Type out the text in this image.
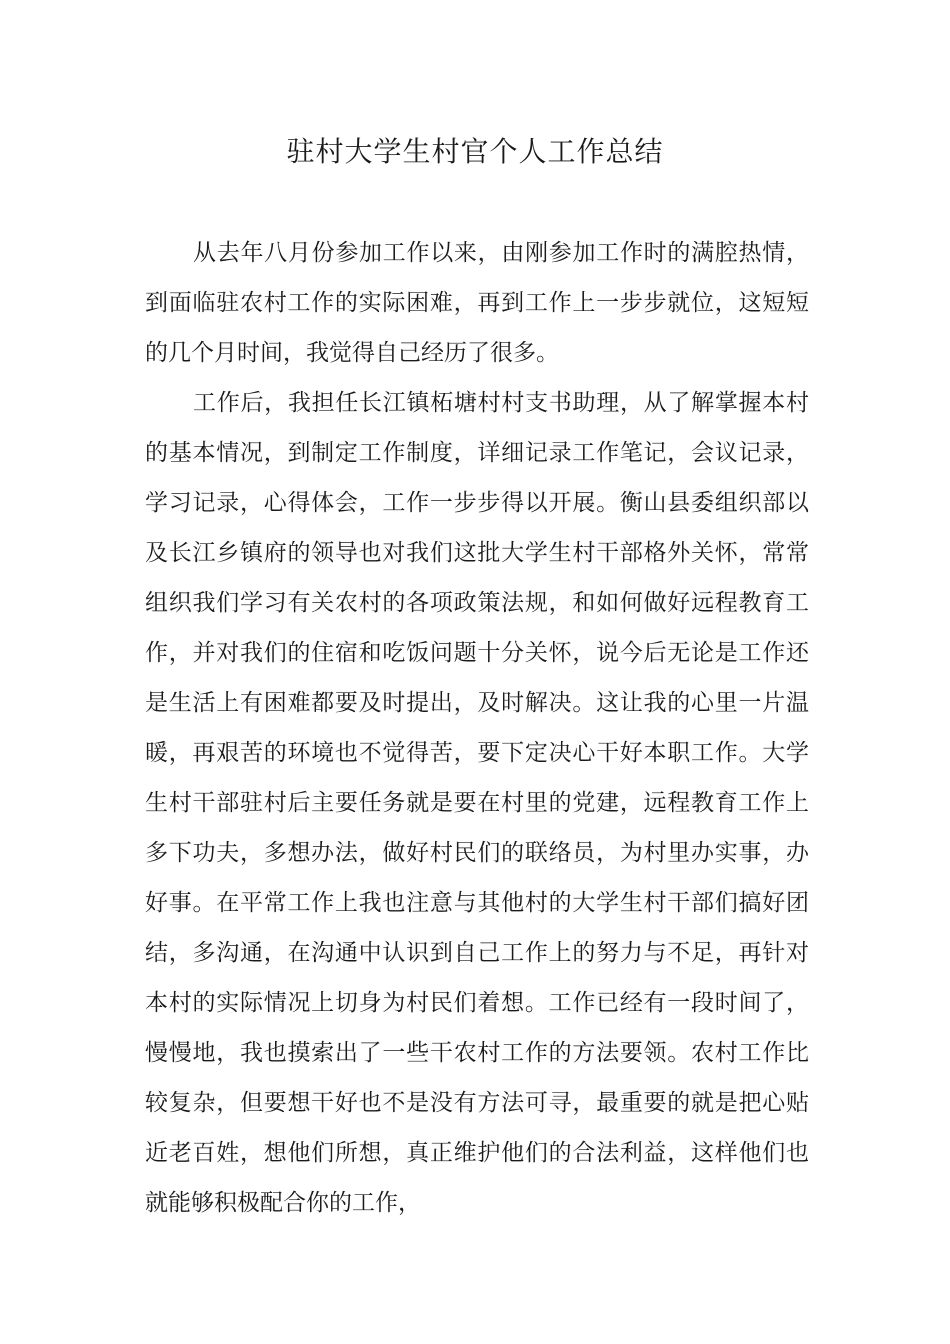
驻村大学生村官个人工作总结

从去年八月份参加工作以来，由刚参加工作时的满腔热情，到面临驻农村工作的实际困难，再到工作上一步步就位，这短短的几个月时间，我觉得自己经历了很多。

工作后，我担任长江镇柘塘村村支书助理，从了解掌握本村的基本情况，到制定工作制度，详细记录工作笔记，会议记录，学习记录，心得体会，工作一步步得以开展。衡山县委组织部以及长江乡镇府的领导也对我们这批大学生村干部格外关怀，常常组织我们学习有关农村的各项政策法规，和如何做好远程教育工作，并对我们的住宿和吃饭问题十分关怀，说今后无论是工作还是生活上有困难都要及时提出，及时解决。这让我的心里一片温暖，再艰苦的环境也不觉得苦，要下定决心干好本职工作。大学生村干部驻村后主要任务就是要在村里的党建，远程教育工作上多下功夫，多想办法，做好村民们的联络员，为村里办实事，办好事。在平常工作上我也注意与其他村的大学生村干部们搞好团结，多沟通，在沟通中认识到自己工作上的努力与不足，再针对本村的实际情况上切身为村民们着想。工作已经有一段时间了，慢慢地，我也摸索出了一些干农村工作的方法要领。农村工作比较复杂，但要想干好也不是没有方法可寻，最重要的就是把心贴近老百姓，想他们所想，真正维护他们的合法利益，这样他们也就能够积极配合你的工作，
